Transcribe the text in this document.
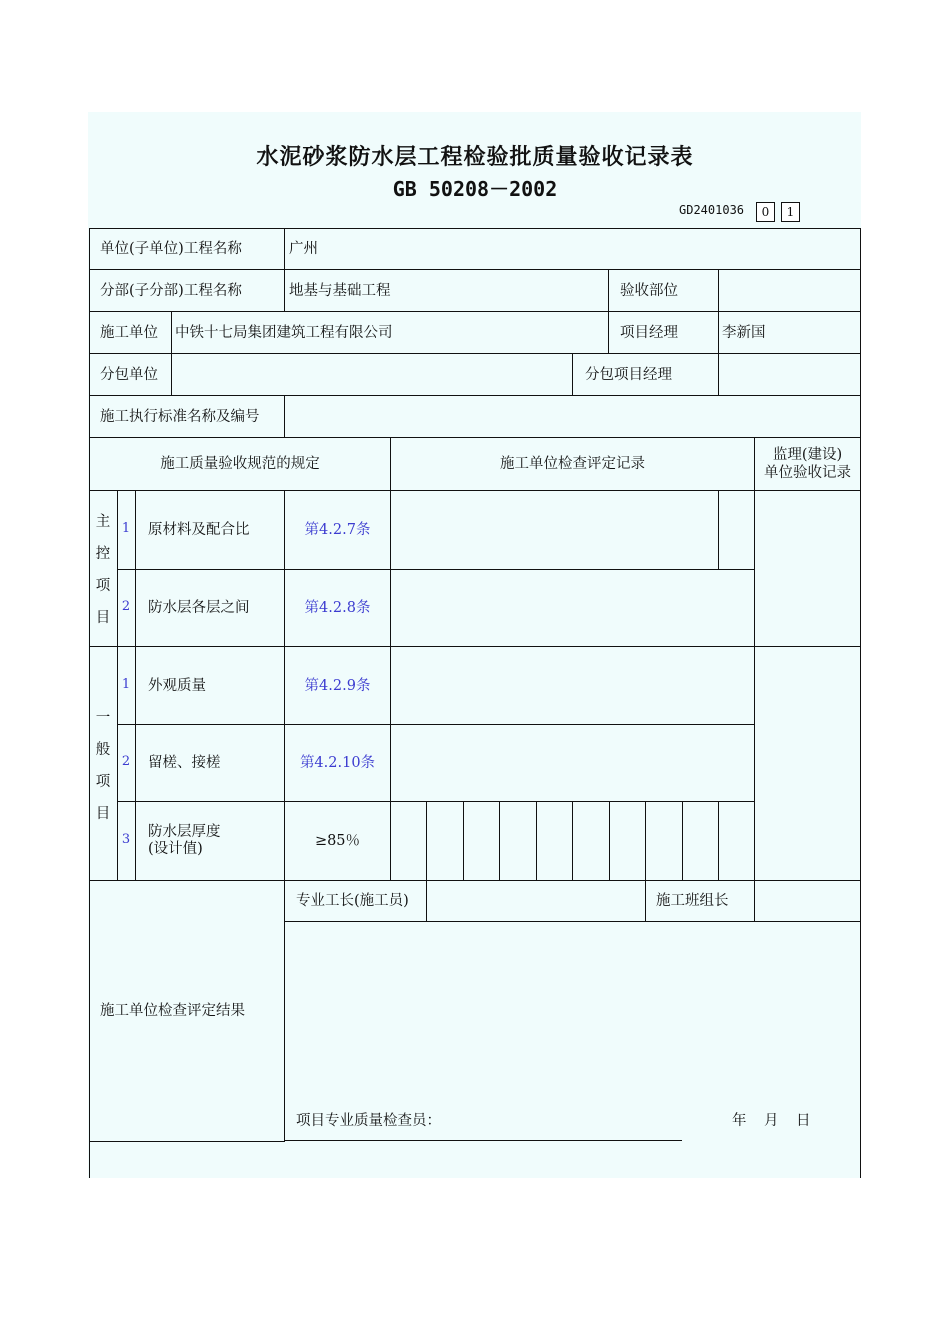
水泥砂浆防水层工程检验批质量验收记录表
GB 50208－2002
GD2401036	0	1
单位(子单位)工程名称	广州
分部(子分部)工程名称	地基与基础工程	验收部位
施工单位 中铁十七局集团建筑工程有限公司	项目经理	李新国
分包单位	分包项目经理
施工执行标准名称及编号
施工质量验收规范的规定	施工单位检查评定记录
监理(建设)
单位验收记录
主
控
项
目
1	原材料及配合比	第4.2.7条
2	防水层各层之间	第4.2.8条
一
般
项
目
1	外观质量	第4.2.9条
2	留槎、接槎	第4.2.10条
3	防水层厚度
(设计值)	≥85％
专业工长(施工员)	施工班组长
施工单位检查评定结果
项目专业质量检查员：	年 月 日
